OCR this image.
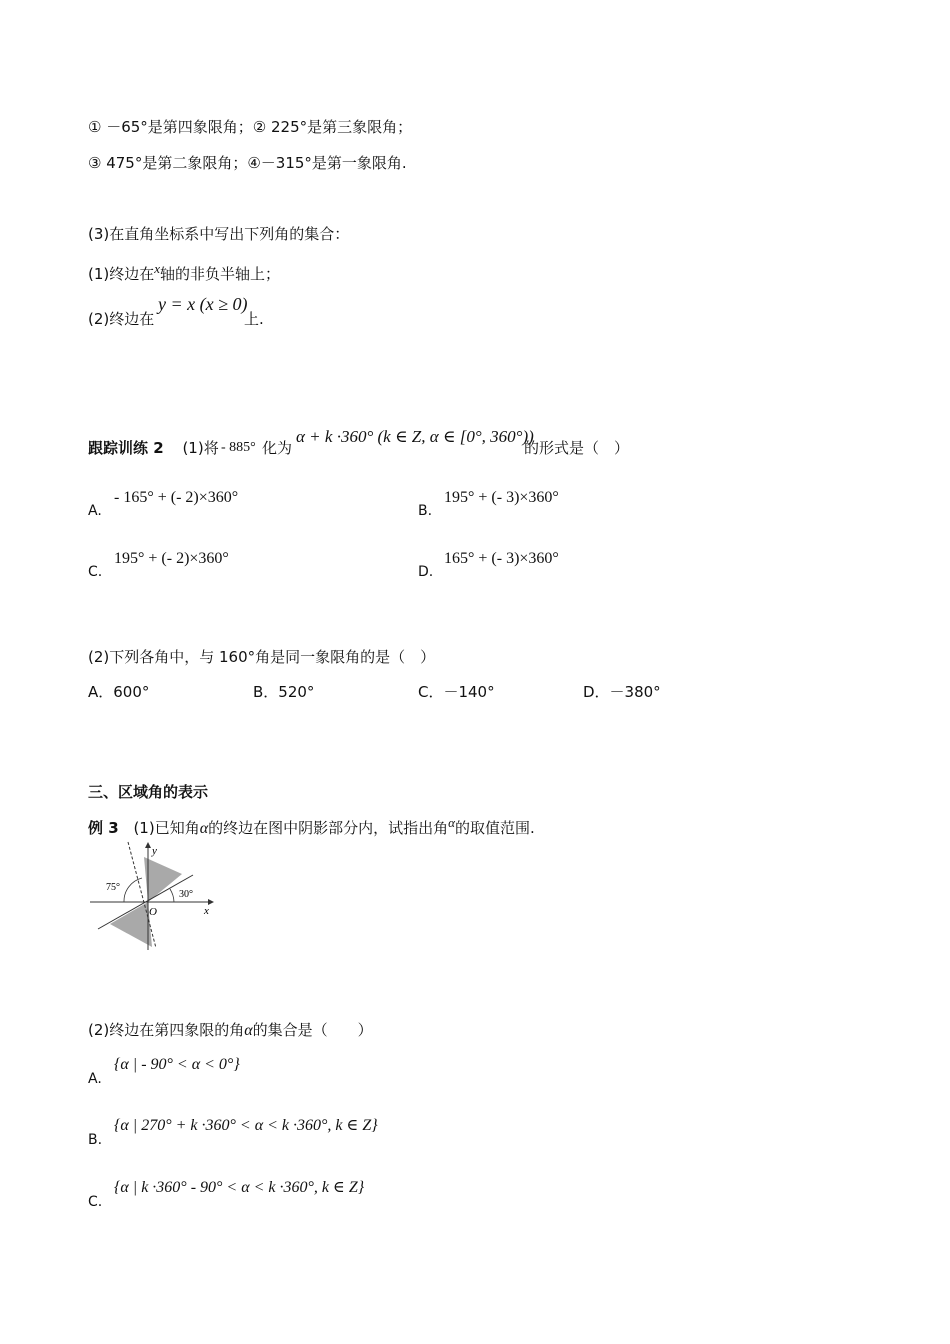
① －65°是第四象限角；② 225°是第三象限角；
③ 475°是第二象限角；④－315°是第一象限角.
(3)在直角坐标系中写出下列角的集合：
(1)终边在$^x$轴的非负半轴上；
(2)终边在
y = x (x ≥ 0)
上.
跟踪训练 2 (1)将 - 885° 化为
α + k ·360° (k ∈ Z, α ∈ [0°, 360°))
的形式是（　）
A.
- 165° + (- 2)×360°
B.
195° + (- 3)×360°
C.
195° + (- 2)×360°
D.
165° + (- 3)×360°
(2)下列各角中，与 160°角是同一象限角的是（　）
A．600°	B．520°	C．－140°	D．－380°
三、区域角的表示
例 3 (1)已知角α的终边在图中阴影部分内，试指出角$^\alpha$的取值范围.
y
x
O
75°
30°
(2)终边在第四象限的角α的集合是（　　）
A.
{α | - 90° < α < 0°}
B.
{α | 270° + k ·360° < α < k ·360°, k ∈ Z}
C.
{α | k ·360° - 90° < α < k ·360°, k ∈ Z}
